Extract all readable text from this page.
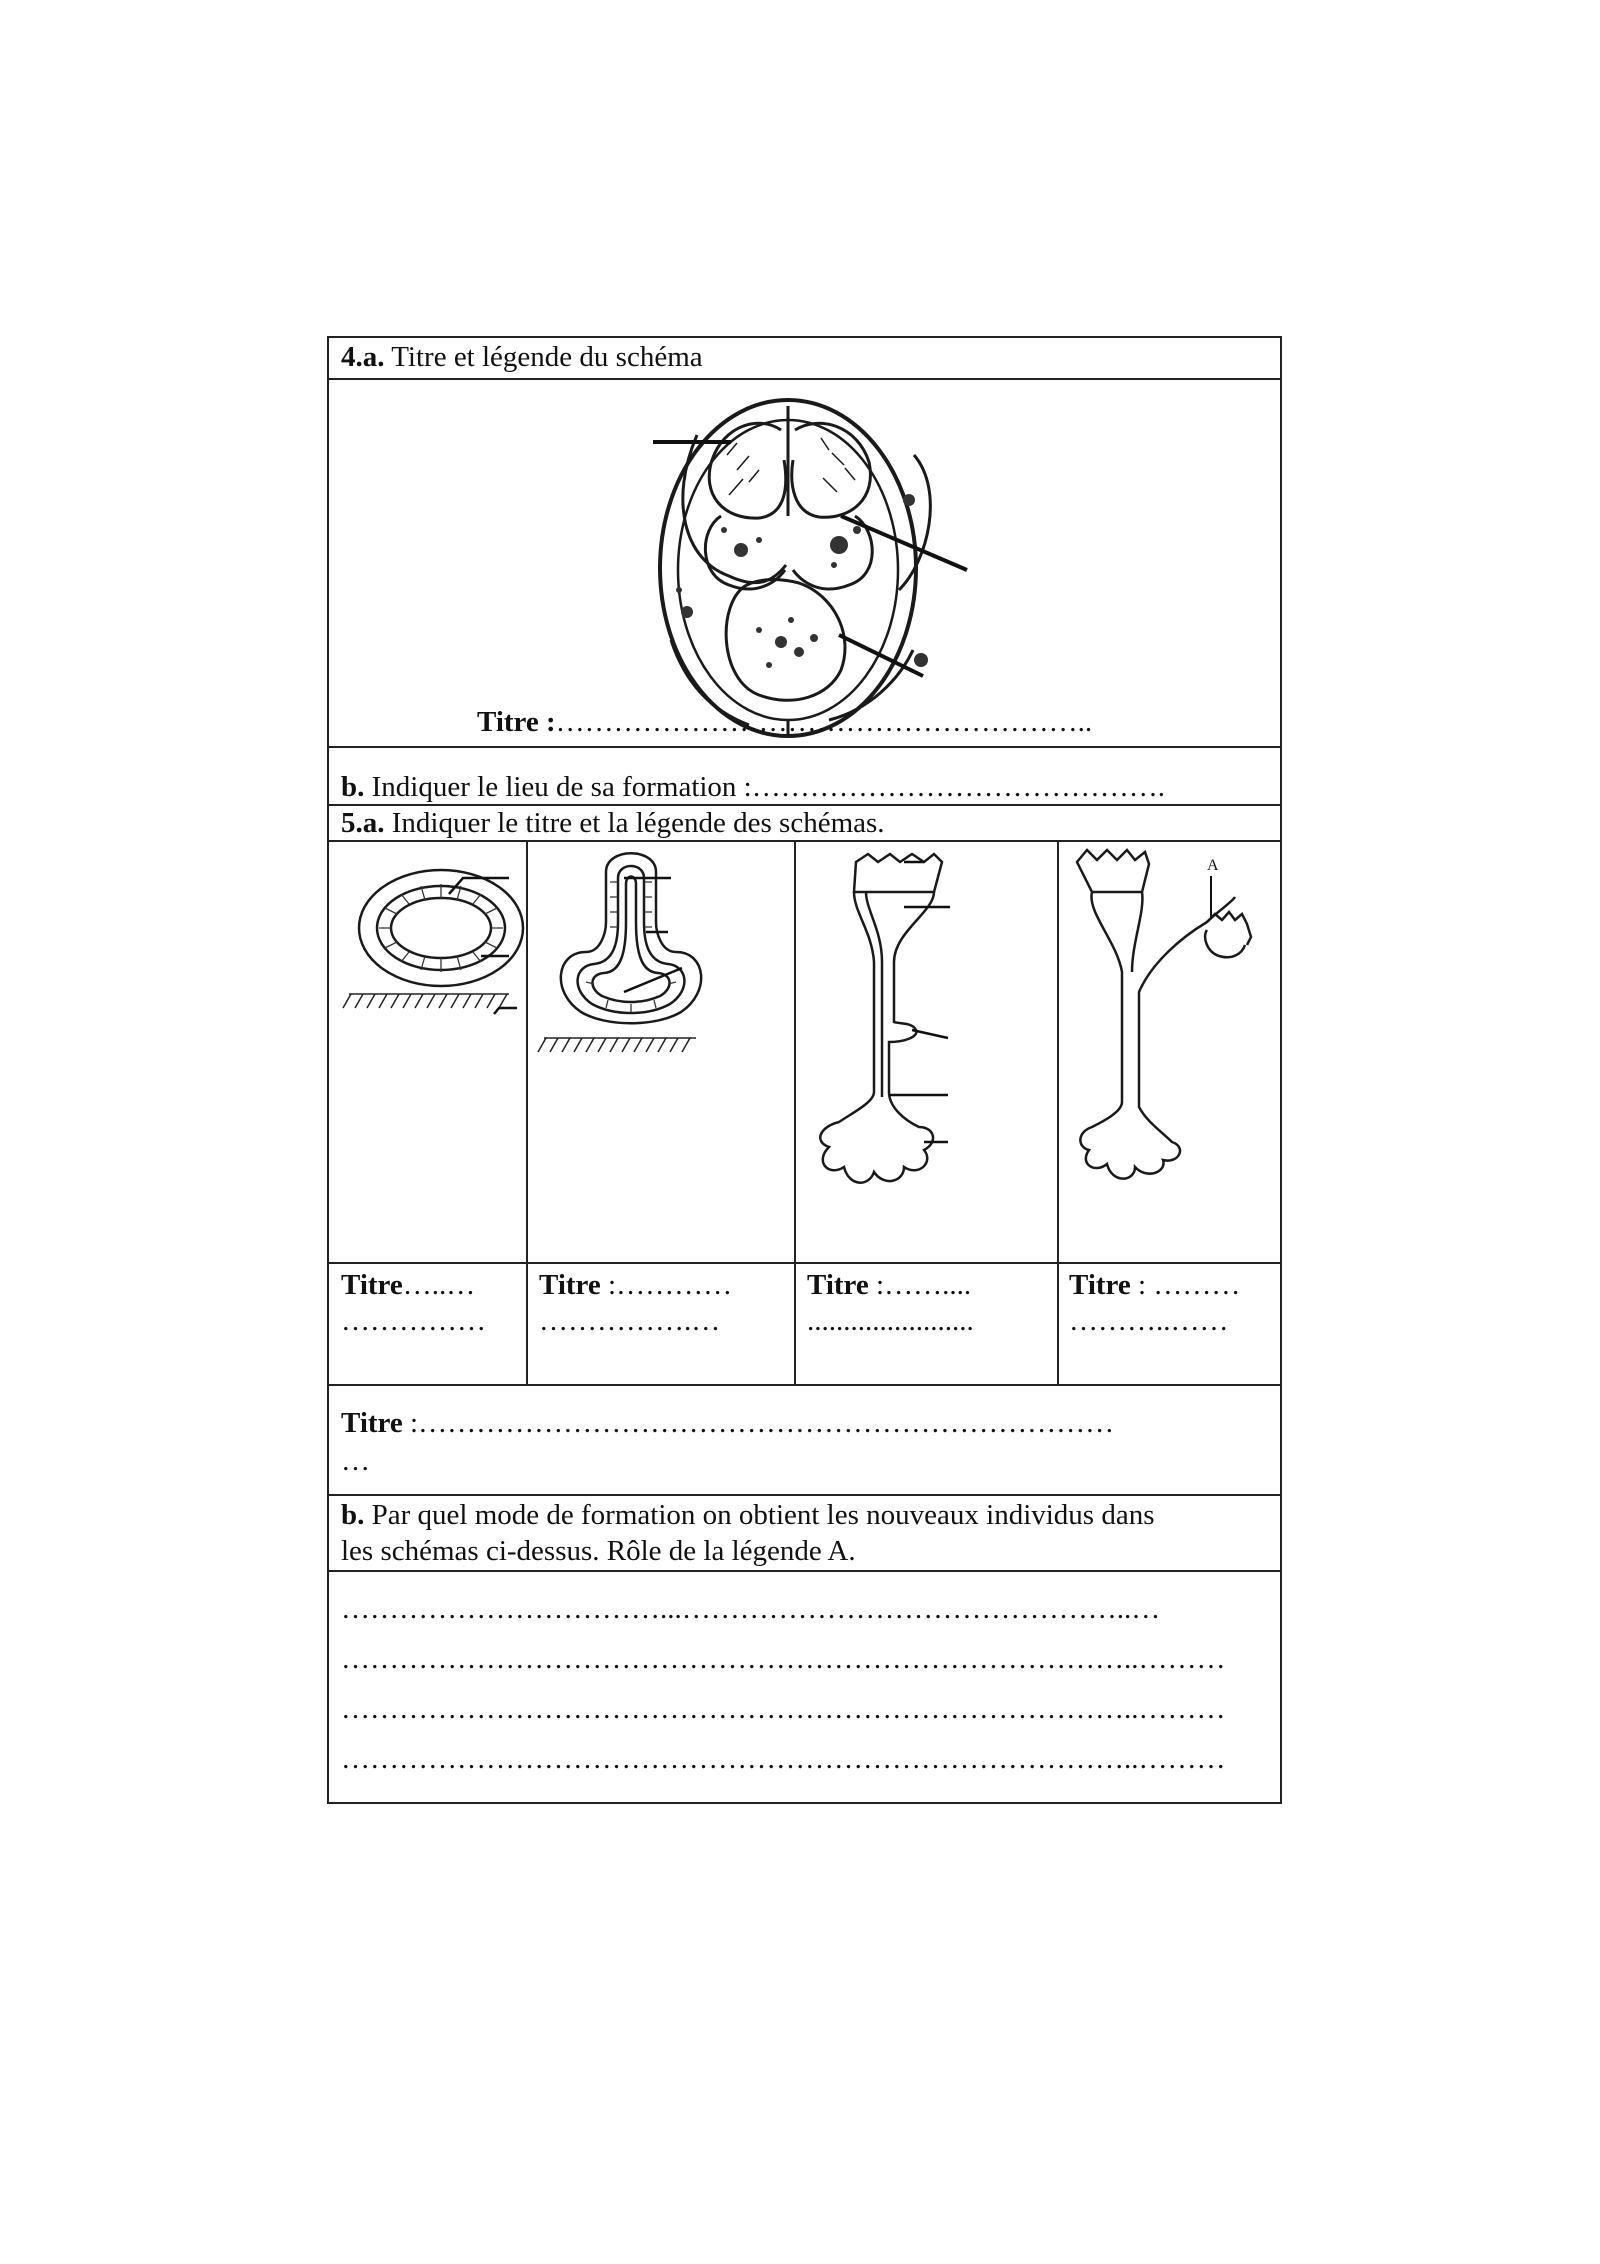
4.a. Titre et légende du schéma
Titre :………………………………………………..
b. Indiquer le lieu de sa formation :…………………………………….
5.a. Indiquer le titre et la légende des schémas.
A
Titre…..…
……………
Titre :…………
…………….…
Titre :……....
.......................
Titre : ………
………..……
Titre :………………………………………………………………
…
b. Par quel mode de formation on obtient les nouveaux individus dans
les schémas ci-dessus. Rôle de la légende A.
……………………………...………………………………………..…
………………………………………………………………………..………
………………………………………………………………………..………
………………………………………………………………………..………
